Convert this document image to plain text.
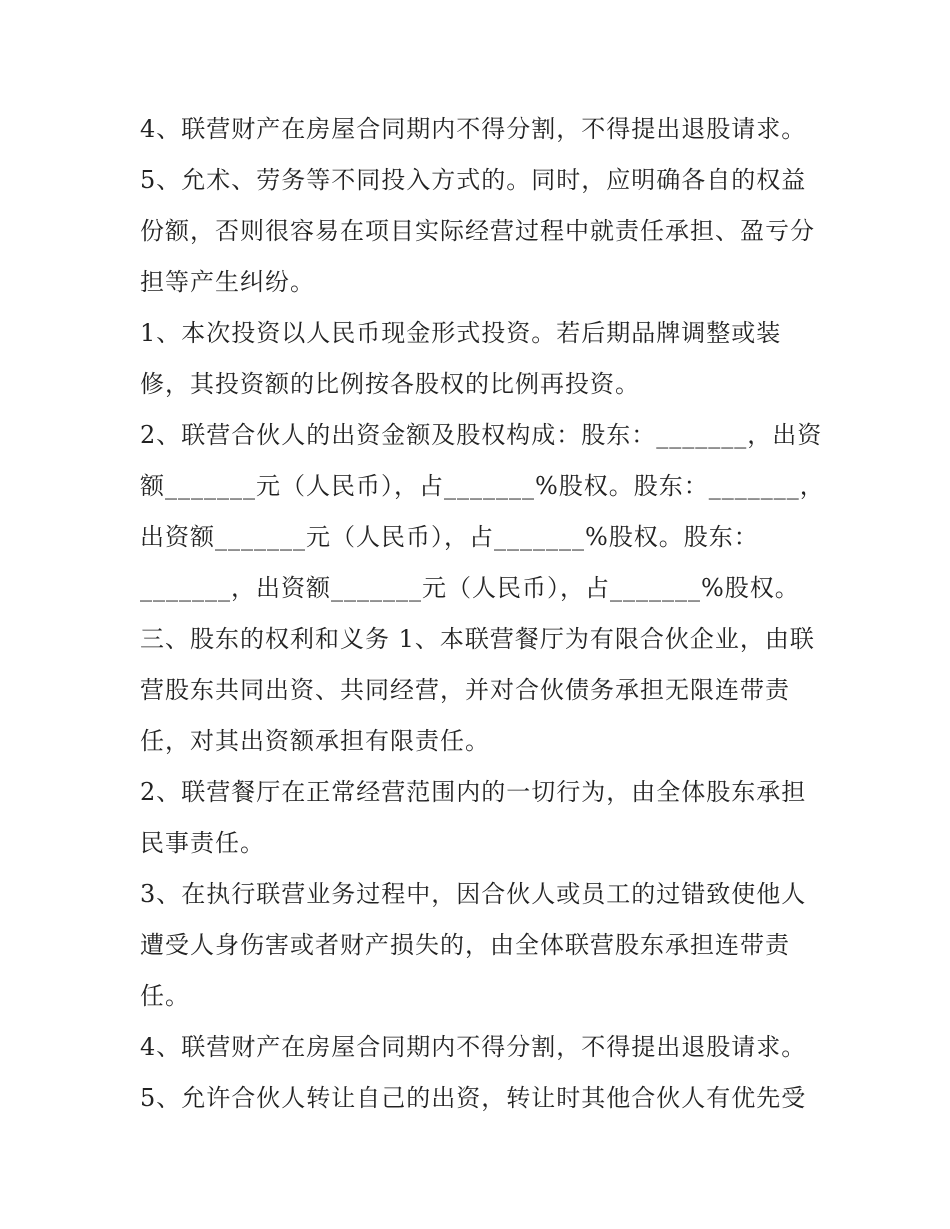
4、联营财产在房屋合同期内不得分割，不得提出退股请求。
5、允术、劳务等不同投入方式的。同时，应明确各自的权益
份额，否则很容易在项目实际经营过程中就责任承担、盈亏分
担等产生纠纷。
1、本次投资以人民币现金形式投资。若后期品牌调整或装
修，其投资额的比例按各股权的比例再投资。
2、联营合伙人的出资金额及股权构成：股东：_______，出资
额_______元（人民币），占_______%股权。股东：_______，
出资额_______元（人民币），占_______%股权。股东：
_______，出资额_______元（人民币），占_______%股权。
三、股东的权利和义务 1、本联营餐厅为有限合伙企业，由联
营股东共同出资、共同经营，并对合伙债务承担无限连带责
任，对其出资额承担有限责任。
2、联营餐厅在正常经营范围内的一切行为，由全体股东承担
民事责任。
3、在执行联营业务过程中，因合伙人或员工的过错致使他人
遭受人身伤害或者财产损失的，由全体联营股东承担连带责
任。
4、联营财产在房屋合同期内不得分割，不得提出退股请求。
5、允许合伙人转让自己的出资，转让时其他合伙人有优先受
